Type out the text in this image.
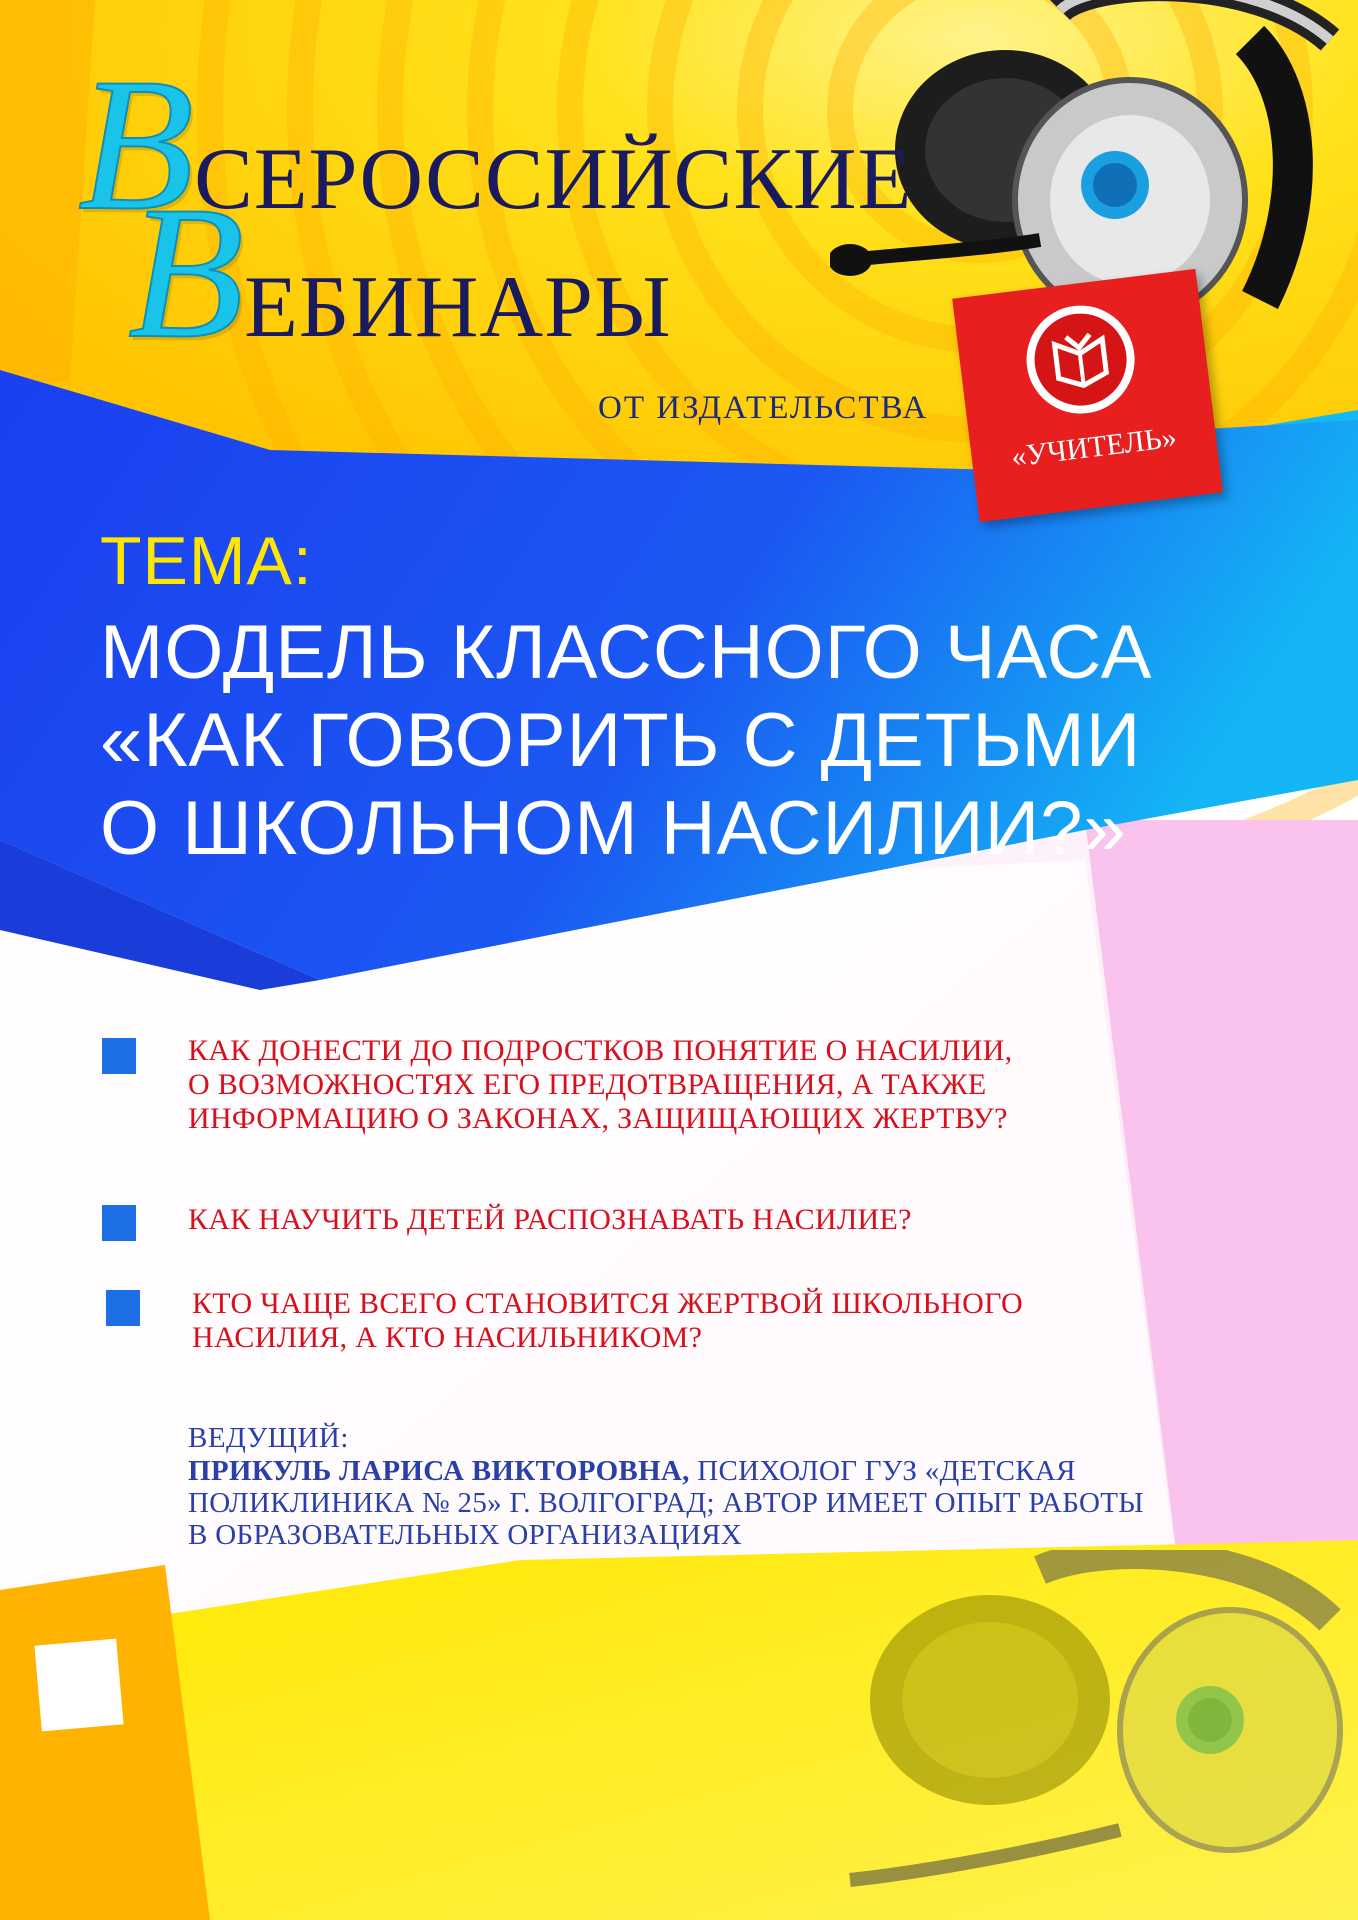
«УЧИТЕЛЬ»
ВСЕРОССИЙСКИЕ
ВЕБИНАРЫ
ОТ ИЗДАТЕЛЬСТВА
ТЕМА:
МОДЕЛЬ КЛАССНОГО ЧАСА
«КАК ГОВОРИТЬ С ДЕТЬМИ
О ШКОЛЬНОМ НАСИЛИИ?»
КАК ДОНЕСТИ ДО ПОДРОСТКОВ ПОНЯТИЕ О НАСИЛИИ,
О ВОЗМОЖНОСТЯХ ЕГО ПРЕДОТВРАЩЕНИЯ, А ТАКЖЕ
ИНФОРМАЦИЮ О ЗАКОНАХ, ЗАЩИЩАЮЩИХ ЖЕРТВУ?
КАК НАУЧИТЬ ДЕТЕЙ РАСПОЗНАВАТЬ НАСИЛИЕ?
КТО ЧАЩЕ ВСЕГО СТАНОВИТСЯ ЖЕРТВОЙ ШКОЛЬНОГО
НАСИЛИЯ, А КТО НАСИЛЬНИКОМ?
ВЕДУЩИЙ:
ПРИКУЛЬ ЛАРИСА ВИКТОРОВНА, ПСИХОЛОГ ГУЗ «ДЕТСКАЯ
ПОЛИКЛИНИКА № 25» Г. ВОЛГОГРАД; АВТОР ИМЕЕТ ОПЫТ РАБОТЫ
В ОБРАЗОВАТЕЛЬНЫХ ОРГАНИЗАЦИЯХ
